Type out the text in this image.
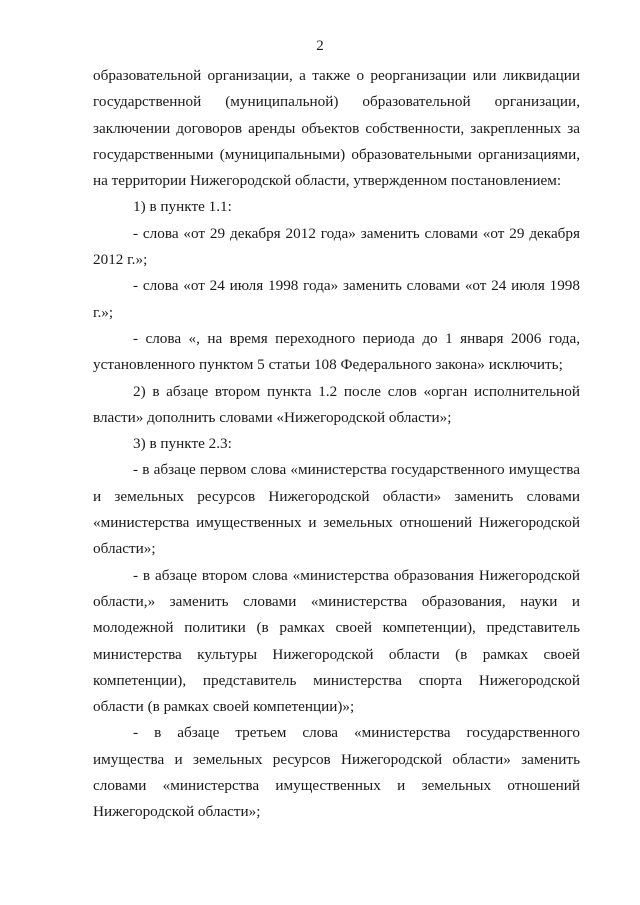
2

образовательной организации, а также о реорганизации или ликвидации государственной (муниципальной) образовательной организации, заключении договоров аренды объектов собственности, закрепленных за государственными (муниципальными) образовательными организациями, на территории Нижегородской области, утвержденном постановлением:

1) в пункте 1.1:

- слова «от 29 декабря 2012 года» заменить словами «от 29 декабря 2012 г.»;

- слова «от 24 июля 1998 года» заменить словами «от 24 июля 1998 г.»;

- слова «, на время переходного периода до 1 января 2006 года, установленного пунктом 5 статьи 108 Федерального закона» исключить;

2) в абзаце втором пункта 1.2 после слов «орган исполнительной власти» дополнить словами «Нижегородской области»;

3) в пункте 2.3:

- в абзаце первом слова «министерства государственного имущества и земельных ресурсов Нижегородской области» заменить словами «министерства имущественных и земельных отношений Нижегородской области»;

- в абзаце втором слова «министерства образования Нижегородской области,» заменить словами «министерства образования, науки и молодежной политики (в рамках своей компетенции), представитель министерства культуры Нижегородской области (в рамках своей компетенции), представитель министерства спорта Нижегородской области (в рамках своей компетенции)»;

- в абзаце третьем слова «министерства государственного имущества и земельных ресурсов Нижегородской области» заменить словами «министерства имущественных и земельных отношений Нижегородской области»;
